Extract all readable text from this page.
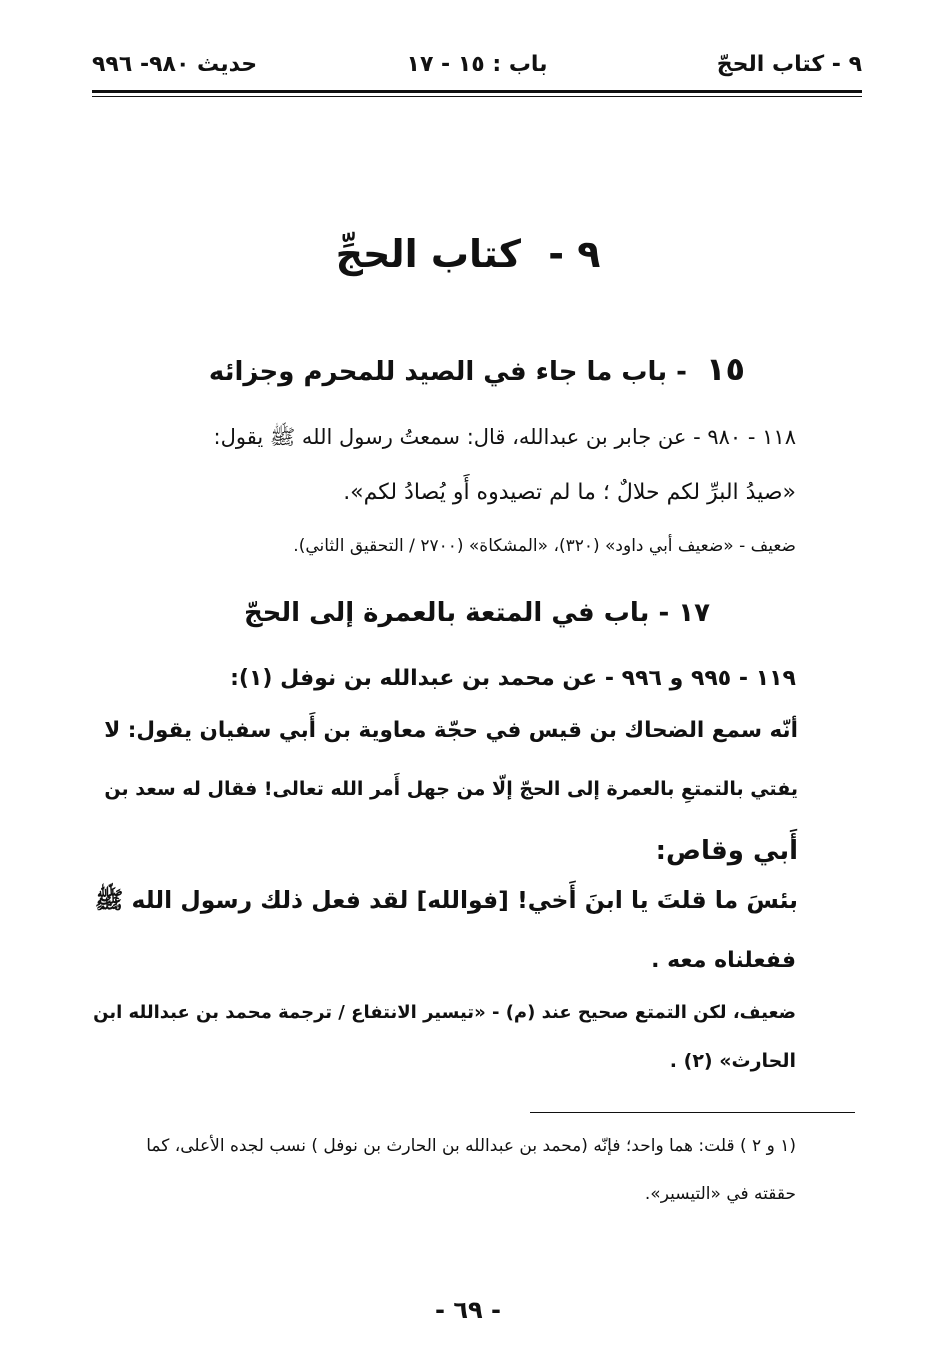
٩ - كتاب الحجّ
باب : ١٥ - ١٧
حديث ٩٨٠- ٩٩٦
٩ - كتاب الحجِّ
١٥ - باب ما جاء في الصيد للمحرم وجزائه
١١٨ - ٩٨٠ - عن جابر بن عبدالله، قال: سمعتُ رسول الله ﷺ يقول:
«صيدُ البرِّ لكم حلالٌ ؛ ما لم تصيدوه أَو يُصادُ لكم».
ضعيف - «ضعيف أبي داود» (٣٢٠)، «المشكاة» (٢٧٠٠ / التحقيق الثاني).
١٧ - باب في المتعة بالعمرة إلى الحجّ
١١٩ - ٩٩٥ و ٩٩٦ - عن محمد بن عبدالله بن نوفل (١):
أنّه سمع الضحاك بن قيس في حجّة معاوية بن أَبي سفيان يقول: لا
يفتي بالتمتعِ بالعمرة إلى الحجّ إلّا من جهل أَمر الله تعالى! فقال له سعد بن
أَبي وقاص:
بئسَ ما قلتَ يا ابنَ أَخي! [فوالله] لقد فعل ذلك رسول الله ﷺ
ففعلناه معه .
ضعيف، لكن التمتع صحيح عند (م) - «تيسير الانتفاع / ترجمة محمد بن عبدالله ابن
الحارث» (٢) .
(١ و ٢ ) قلت: هما واحد؛ فإنّه (محمد بن عبدالله بن الحارث بن نوفل ) نسب لجده الأعلى، كما
حققته في «التيسير».
- ٦٩ -
